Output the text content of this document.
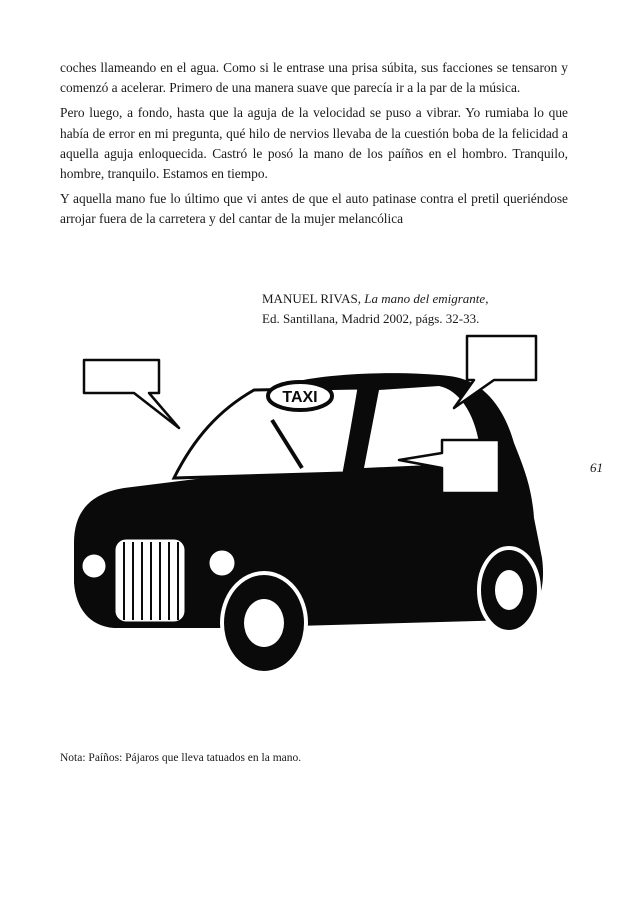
coches llameando en el agua. Como si le entrase una prisa súbita, sus facciones se tensaron y comenzó a acelerar. Primero de una manera suave que parecía ir a la par de la música.

Pero luego, a fondo, hasta que la aguja de la velocidad se puso a vibrar. Yo rumiaba lo que había de error en mi pregunta, qué hilo de nervios llevaba de la cuestión boba de la felicidad a aquella aguja enloquecida. Castró le posó la mano de los paíños en el hombro. Tranquilo, hombre, tranquilo. Estamos en tiempo.

Y aquella mano fue lo último que vi antes de que el auto patinase contra el pretil queriéndose arrojar fuera de la carretera y del cantar de la mujer melancólica

MANUEL RIVAS, La mano del emigrante,
Ed. Santillana, Madrid 2002, págs. 32-33.
TAXI
61
Nota: Paíños: Pájaros que lleva tatuados en la mano.
